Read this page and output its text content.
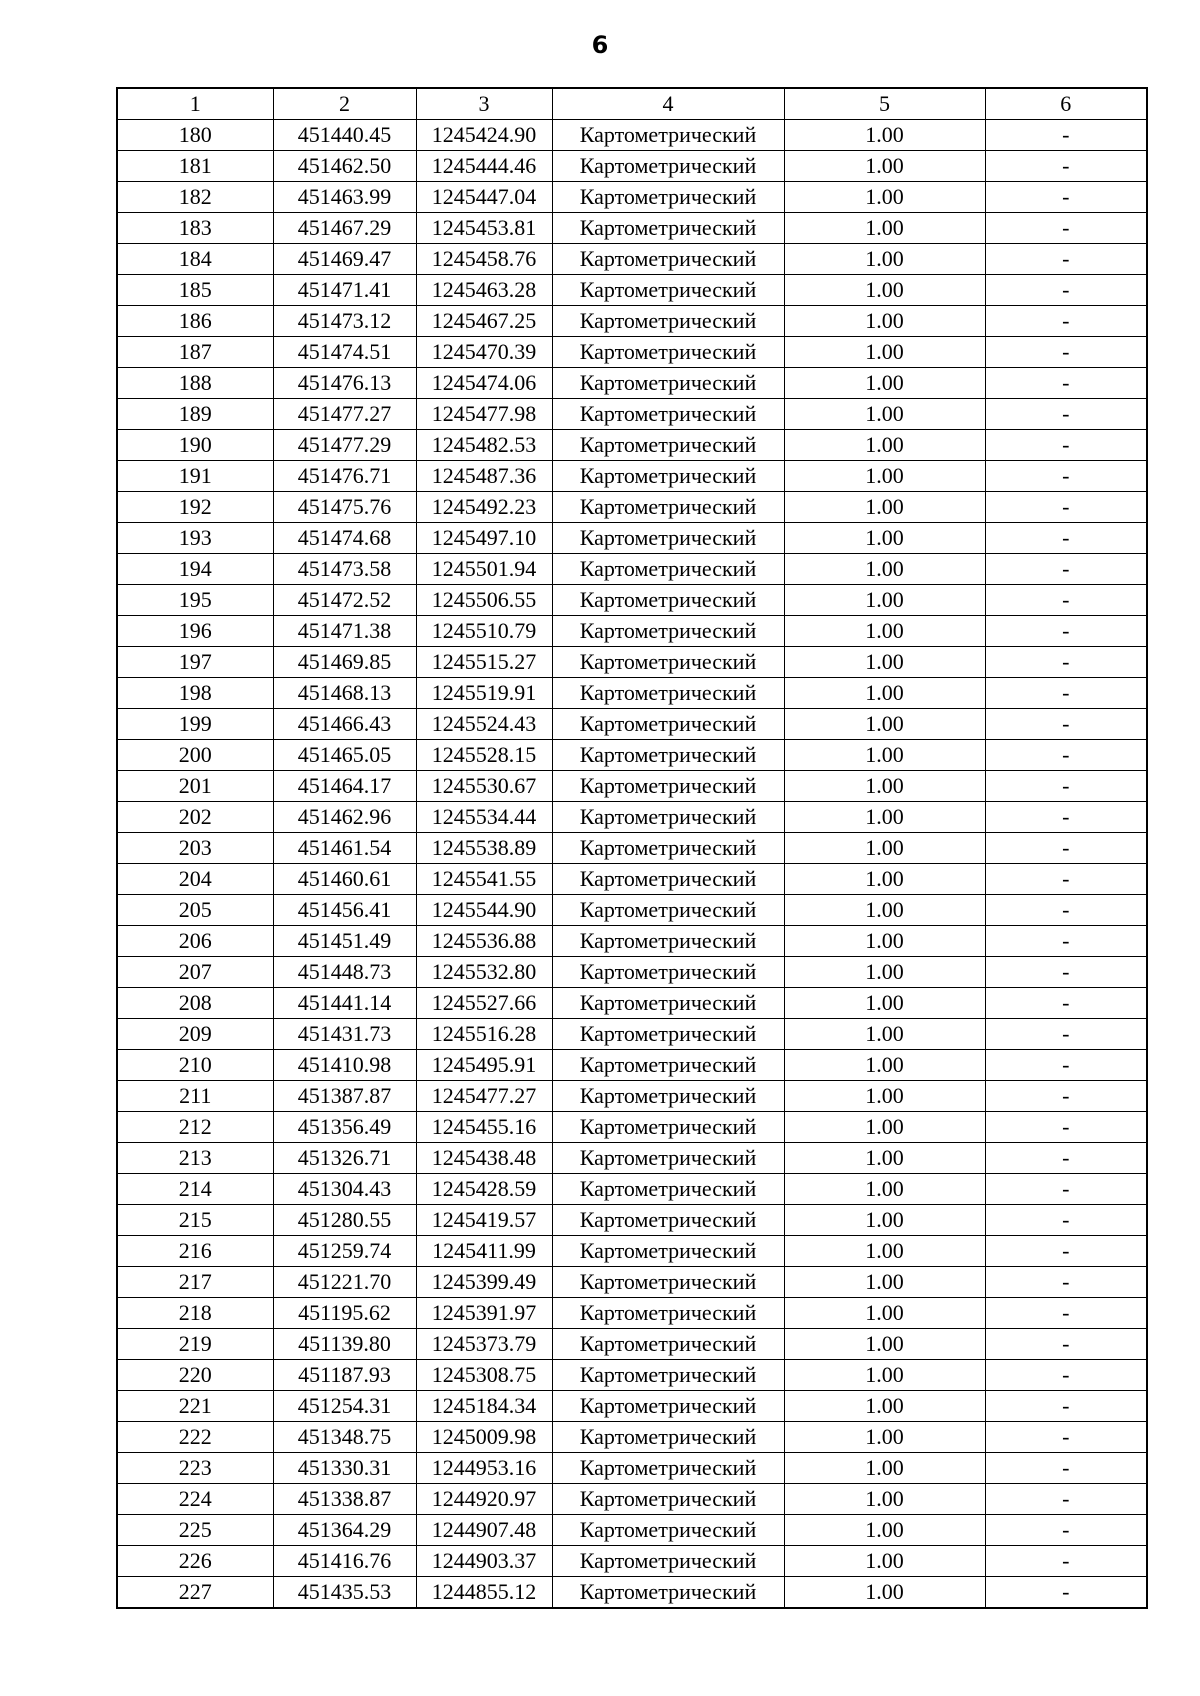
6
1	2	3	4	5	6
180	451440.45	1245424.90	Картометрический	1.00	-
181	451462.50	1245444.46	Картометрический	1.00	-
182	451463.99	1245447.04	Картометрический	1.00	-
183	451467.29	1245453.81	Картометрический	1.00	-
184	451469.47	1245458.76	Картометрический	1.00	-
185	451471.41	1245463.28	Картометрический	1.00	-
186	451473.12	1245467.25	Картометрический	1.00	-
187	451474.51	1245470.39	Картометрический	1.00	-
188	451476.13	1245474.06	Картометрический	1.00	-
189	451477.27	1245477.98	Картометрический	1.00	-
190	451477.29	1245482.53	Картометрический	1.00	-
191	451476.71	1245487.36	Картометрический	1.00	-
192	451475.76	1245492.23	Картометрический	1.00	-
193	451474.68	1245497.10	Картометрический	1.00	-
194	451473.58	1245501.94	Картометрический	1.00	-
195	451472.52	1245506.55	Картометрический	1.00	-
196	451471.38	1245510.79	Картометрический	1.00	-
197	451469.85	1245515.27	Картометрический	1.00	-
198	451468.13	1245519.91	Картометрический	1.00	-
199	451466.43	1245524.43	Картометрический	1.00	-
200	451465.05	1245528.15	Картометрический	1.00	-
201	451464.17	1245530.67	Картометрический	1.00	-
202	451462.96	1245534.44	Картометрический	1.00	-
203	451461.54	1245538.89	Картометрический	1.00	-
204	451460.61	1245541.55	Картометрический	1.00	-
205	451456.41	1245544.90	Картометрический	1.00	-
206	451451.49	1245536.88	Картометрический	1.00	-
207	451448.73	1245532.80	Картометрический	1.00	-
208	451441.14	1245527.66	Картометрический	1.00	-
209	451431.73	1245516.28	Картометрический	1.00	-
210	451410.98	1245495.91	Картометрический	1.00	-
211	451387.87	1245477.27	Картометрический	1.00	-
212	451356.49	1245455.16	Картометрический	1.00	-
213	451326.71	1245438.48	Картометрический	1.00	-
214	451304.43	1245428.59	Картометрический	1.00	-
215	451280.55	1245419.57	Картометрический	1.00	-
216	451259.74	1245411.99	Картометрический	1.00	-
217	451221.70	1245399.49	Картометрический	1.00	-
218	451195.62	1245391.97	Картометрический	1.00	-
219	451139.80	1245373.79	Картометрический	1.00	-
220	451187.93	1245308.75	Картометрический	1.00	-
221	451254.31	1245184.34	Картометрический	1.00	-
222	451348.75	1245009.98	Картометрический	1.00	-
223	451330.31	1244953.16	Картометрический	1.00	-
224	451338.87	1244920.97	Картометрический	1.00	-
225	451364.29	1244907.48	Картометрический	1.00	-
226	451416.76	1244903.37	Картометрический	1.00	-
227	451435.53	1244855.12	Картометрический	1.00	-
